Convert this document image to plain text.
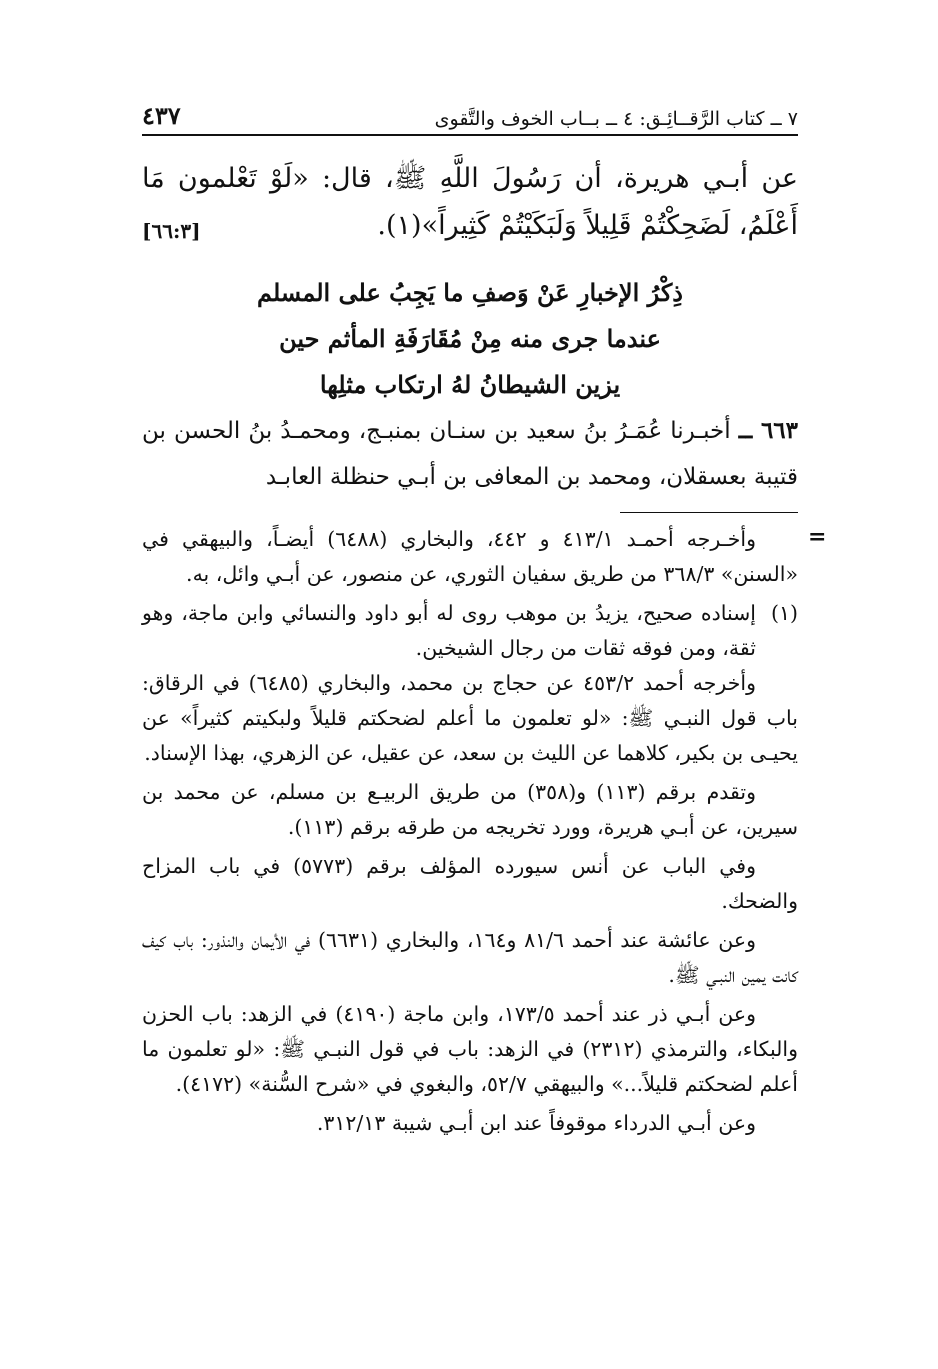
٧ ــ كتاب الرَّقــائِـق: ٤ ــ بــاب الخوف والتَّقوى
٤٣٧

عن أبـي هريرة، أن رَسُولَ اللَّهِ ﷺ، قال: «لَوْ تَعْلمون مَا أَعْلَمُ، لَضَحِكْتُمْ قَلِيلاً وَلَبَكَيْتُمْ كَثِيراً»(١).
[٦٦:٣]

ذِكْرُ الإخبارِ عَنْ وَصفِ ما يَجِبُ على المسلم
عندما جرى منه مِنْ مُقَارَفَةِ المأثم حين
يزين الشيطانُ لهُ ارتكاب مثلِها
٦٦٣ ــ أخبـرنا عُمَـرُ بنُ سعيد بن سنـان بمنبـج، ومحمـدُ بنُ الحسن بن قتيبة بعسقلان، ومحمد بن المعافى بن أبـي حنظلة العابـد
=

وأخـرجه أحمـد ٤١٣/١ و ٤٤٢، والبخاري (٦٤٨٨) أيضـاً، والبيهقي في «السنن» ٣٦٨/٣ من طريق سفيان الثوري، عن منصور، عن أبـي وائل، به.

(١)
إسناده صحيح، يزيدُ بن موهب روى له أبو داود والنسائي وابن ماجة، وهو ثقة، ومن فوقه ثقات من رجال الشيخين.

وأخرجه أحمد ٤٥٣/٢ عن حجاج بن محمد، والبخاري (٦٤٨٥) في الرقاق: باب قول النبـي ﷺ: «لو تعلمون ما أعلم لضحكتم قليلاً ولبكيتم كثيراً» عن يحيـى بن بكير، كلاهما عن الليث بن سعد، عن عقيل، عن الزهري، بهذا الإسناد.

وتقدم برقم (١١٣) و(٣٥٨) من طريق الربيـع بن مسلم، عن محمد بن سيرين، عن أبـي هريرة، وورد تخريجه من طرقه برقم (١١٣).

وفي الباب عن أنس سيورده المؤلف برقم (٥٧٧٣) في باب المزاح والضحك.

وعن عائشة عند أحمد ٨١/٦ و١٦٤، والبخاري (٦٦٣١) في الأيمان والنذور: باب كيف كانت يمين النبـي ﷺ.

وعن أبـي ذر عند أحمد ١٧٣/٥، وابن ماجة (٤١٩٠) في الزهد: باب الحزن والبكاء، والترمذي (٢٣١٢) في الزهد: باب في قول النبـي ﷺ: «لو تعلمون ما أعلم لضحكتم قليلاً...» والبيهقي ٥٢/٧، والبغوي في «شرح السُّنة» (٤١٧٢).

وعن أبـي الدرداء موقوفاً عند ابن أبـي شيبة ٣١٢/١٣.
